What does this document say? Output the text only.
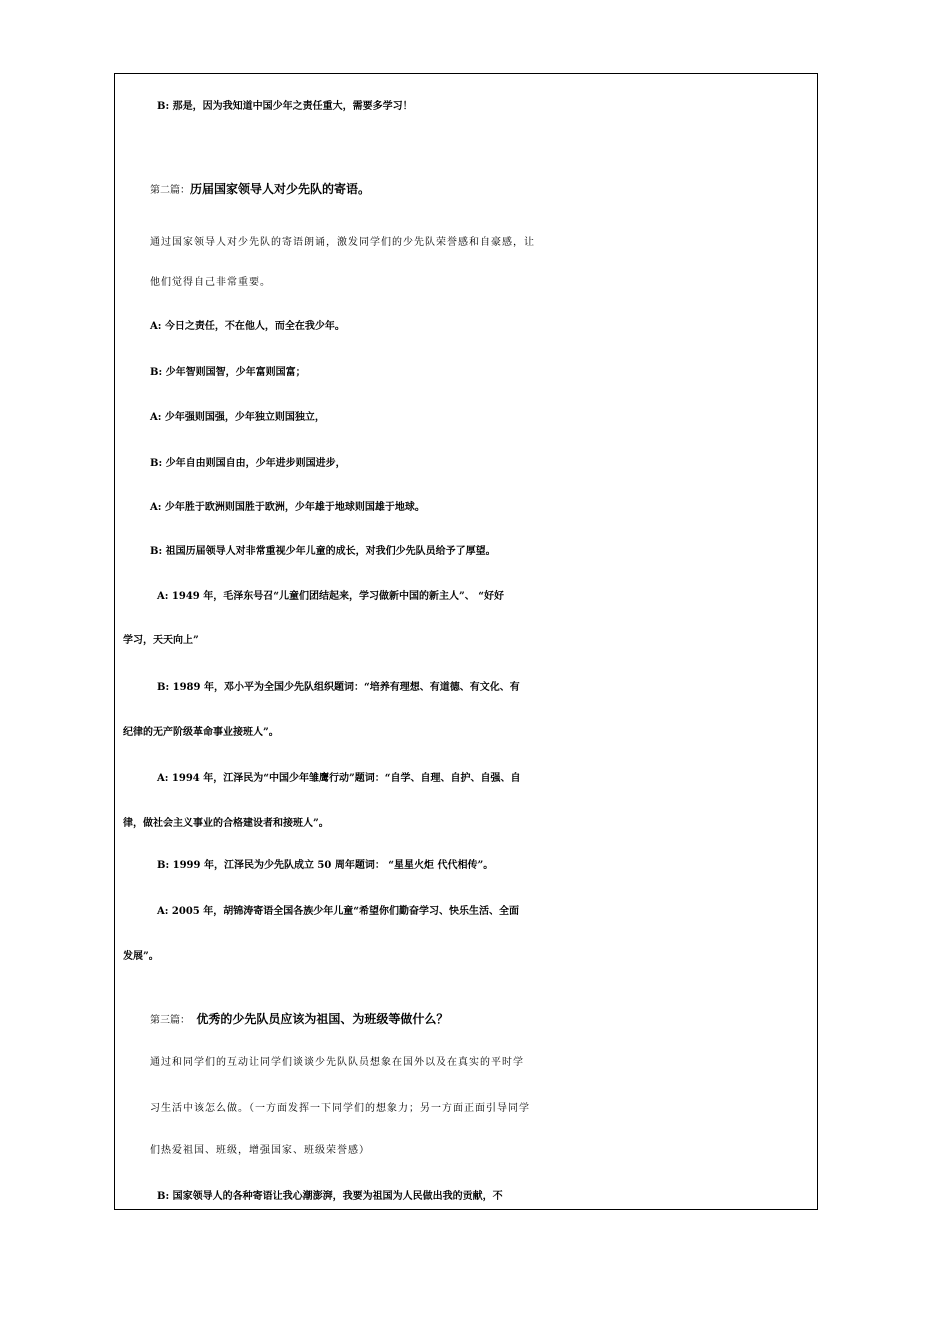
B: 那是，因为我知道中国少年之责任重大，需要多学习！
第二篇：历届国家领导人对少先队的寄语。
通过国家领导人对少先队的寄语朗诵，激发同学们的少先队荣誉感和自豪感，让
他们觉得自己非常重要。
A: 今日之责任，不在他人，而全在我少年。
B: 少年智则国智，少年富则国富；
A: 少年强则国强，少年独立则国独立，
B: 少年自由则国自由，少年进步则国进步，
A: 少年胜于欧洲则国胜于欧洲，少年雄于地球则国雄于地球。
B: 祖国历届领导人对非常重视少年儿童的成长，对我们少先队员给予了厚望。
A: 1949 年，毛泽东号召“儿童们团结起来，学习做新中国的新主人”、 “好好
学习，天天向上”
B: 1989 年，邓小平为全国少先队组织题词：“培养有理想、有道德、有文化、有
纪律的无产阶级革命事业接班人”。
A: 1994 年，江泽民为“中国少年雏鹰行动”题词：“自学、自理、自护、自强、自
律，做社会主义事业的合格建设者和接班人”。
B: 1999 年，江泽民为少先队成立 50 周年题词： “星星火炬 代代相传”。
A: 2005 年，胡锦涛寄语全国各族少年儿童“希望你们勤奋学习、快乐生活、全面
发展”。
第三篇： 优秀的少先队员应该为祖国、为班级等做什么？
通过和同学们的互动让同学们谈谈少先队队员想象在国外以及在真实的平时学
习生活中该怎么做。（一方面发挥一下同学们的想象力；另一方面正面引导同学
们热爱祖国、班级，增强国家、班级荣誉感）
B: 国家领导人的各种寄语让我心潮澎湃，我要为祖国为人民做出我的贡献，不
